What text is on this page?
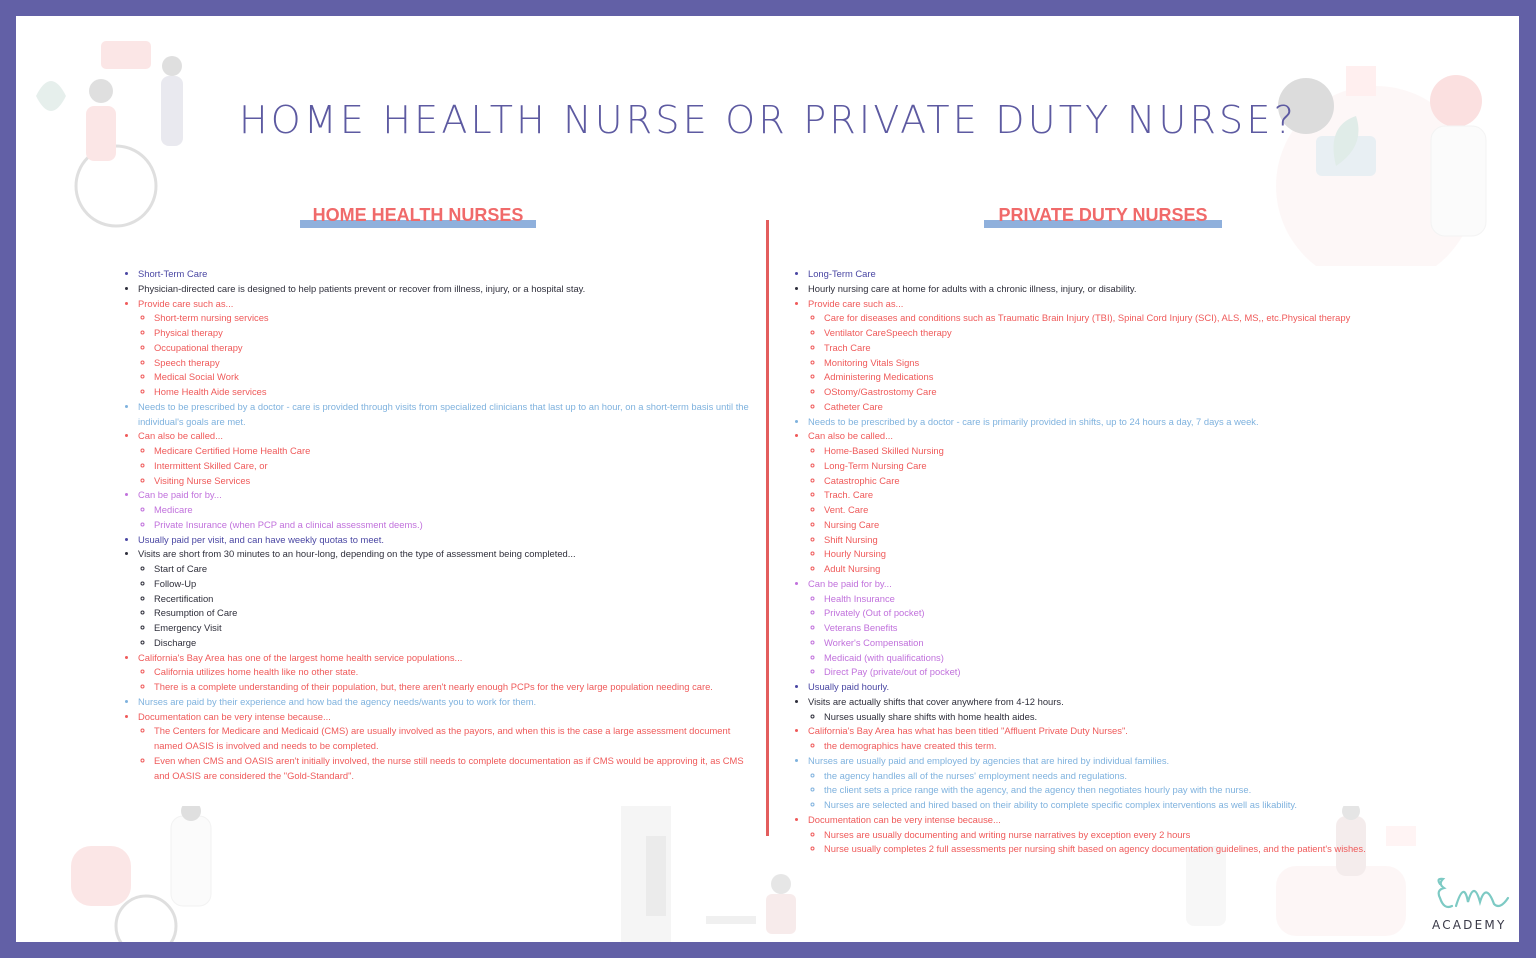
HOME HEALTH NURSE OR PRIVATE DUTY NURSE?
HOME HEALTH NURSES	PRIVATE DUTY NURSES
• Short-Term Care
• Physician-directed care is designed to help patients prevent or recover from illness, injury, or a hospital stay.
• Provide care such as...
◦ Short-term nursing services
◦ Physical therapy
◦ Occupational therapy
◦ Speech therapy
◦ Medical Social Work
◦ Home Health Aide services
• Needs to be prescribed by a doctor - care is provided through visits from specialized clinicians that last up to an hour, on a short-term basis until the individual's goals are met.
• Can also be called...
◦ Medicare Certified Home Health Care
◦ Intermittent Skilled Care, or
◦ Visiting Nurse Services
• Can be paid for by...
◦ Medicare
◦ Private Insurance (when PCP and a clinical assessment deems.)
• Usually paid per visit, and can have weekly quotas to meet.
• Visits are short from 30 minutes to an hour-long, depending on the type of assessment being completed...
◦ Start of Care
◦ Follow-Up
◦ Recertification
◦ Resumption of Care
◦ Emergency Visit
◦ Discharge
• California's Bay Area has one of the largest home health service populations...
◦ California utilizes home health like no other state.
◦ There is a complete understanding of their population, but, there aren't nearly enough PCPs for the very large population needing care.
• Nurses are paid by their experience and how bad the agency needs/wants you to work for them.
• Documentation can be very intense because...
◦ The Centers for Medicare and Medicaid (CMS) are usually involved as the payors, and when this is the case a large assessment document named OASIS is involved and needs to be completed.
◦ Even when CMS and OASIS aren't initially involved, the nurse still needs to complete documentation as if CMS would be approving it, as CMS and OASIS are considered the "Gold-Standard".
• Long-Term Care
• Hourly nursing care at home for adults with a chronic illness, injury, or disability.
• Provide care such as...
◦ Care for diseases and conditions such as Traumatic Brain Injury (TBI), Spinal Cord Injury (SCI), ALS, MS,, etc.Physical therapy
◦ Ventilator CareSpeech therapy
◦ Trach Care
◦ Monitoring Vitals Signs
◦ Administering Medications
◦ OStomy/Gastrostomy Care
◦ Catheter Care
• Needs to be prescribed by a doctor - care is primarily provided in shifts, up to 24 hours a day, 7 days a week.
• Can also be called...
◦ Home-Based Skilled Nursing
◦ Long-Term Nursing Care
◦ Catastrophic Care
◦ Trach. Care
◦ Vent. Care
◦ Nursing Care
◦ Shift Nursing
◦ Hourly Nursing
◦ Adult Nursing
• Can be paid for by...
◦ Health Insurance
◦ Privately (Out of pocket)
◦ Veterans Benefits
◦ Worker's Compensation
◦ Medicaid (with qualifications)
◦ Direct Pay (private/out of pocket)
• Usually paid hourly.
• Visits are actually shifts that cover anywhere from 4-12 hours.
◦ Nurses usually share shifts with home health aides.
• California's Bay Area has what has been titled "Affluent Private Duty Nurses".
◦ the demographics have created this term.
• Nurses are usually paid and employed by agencies that are hired by individual families.
◦ the agency handles all of the nurses' employment needs and regulations.
◦ the client sets a price range with the agency, and the agency then negotiates hourly pay with the nurse.
◦ Nurses are selected and hired based on their ability to complete specific complex interventions as well as likability.
• Documentation can be very intense because...
◦ Nurses are usually documenting and writing nurse narratives by exception every 2 hours
◦ Nurse usually completes 2 full assessments per nursing shift based on agency documentation guidelines, and the patient's wishes.
ACADEMY
